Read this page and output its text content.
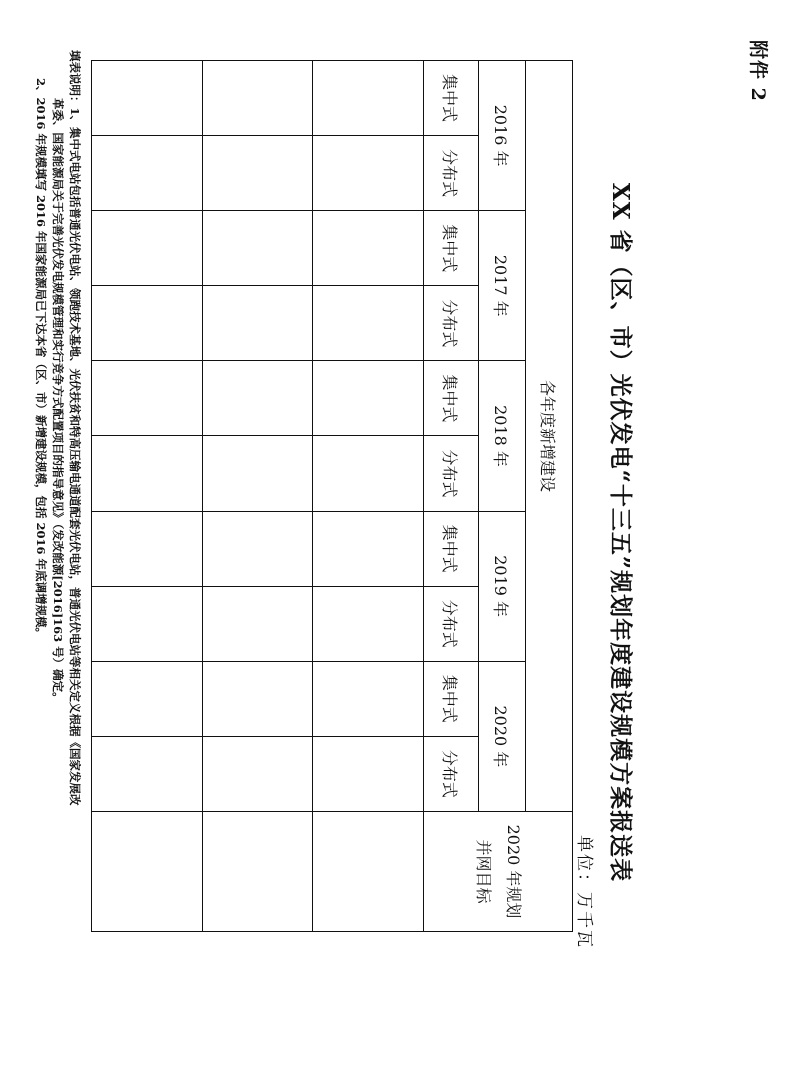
附件 2
XX 省（区、市）光伏发电“十三五”规划年度建设规模方案报送表
单位：万千瓦
各年度新增建设										2020 年规划
并网目标

2016 年		2017 年		2018 年		2019 年		2020 年		
集中式	分布式	集中式	分布式	集中式	分布式	集中式	分布式	集中式	分布式	

填表说明：1、集中式电站包括普通光伏电站、领跑技术基地、光伏扶贫和特高压输电通道配套光伏电站，普通光伏电站等相关定义根据《国家发展改

革委、国家能源局关于完善光伏发电规模管理和实行竞争方式配置项目的指导意见》（发改能源[2016]163 号）确定。

2、2016 年规模填写 2016 年国家能源局已下达本省（区、市）新增建设规模，包括 2016 年底调增规模。
